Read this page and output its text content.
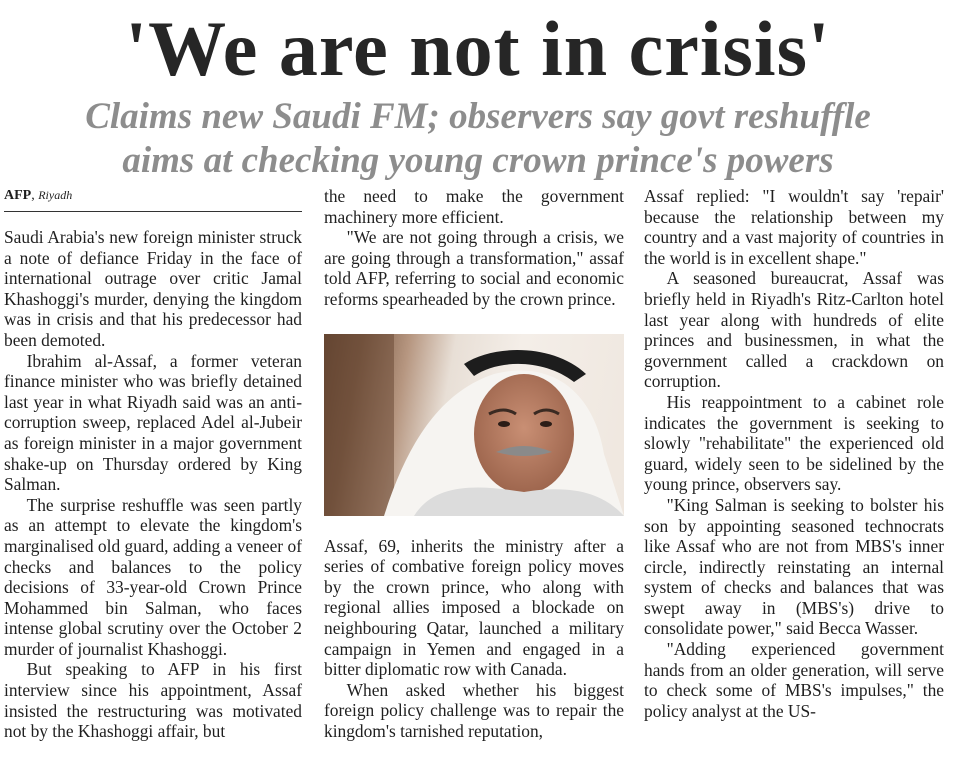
'We are not in crisis'
Claims new Saudi FM; observers say govt reshuffle
aims at checking young crown prince's powers
AFP, Riyadh

Saudi Arabia's new foreign minister struck a note of defiance Friday in the face of international outrage over critic Jamal Khashoggi's murder, denying the kingdom was in crisis and that his predecessor had been demoted.

Ibrahim al-Assaf, a former veteran finance minister who was briefly detained last year in what Riyadh said was an anti-corruption sweep, replaced Adel al-Jubeir as foreign minister in a major government shake-up on Thursday ordered by King Salman.

The surprise reshuffle was seen partly as an attempt to elevate the kingdom's marginalised old guard, adding a veneer of checks and balances to the policy decisions of 33-year-old Crown Prince Mohammed bin Salman, who faces intense global scrutiny over the October 2 murder of journalist Khashoggi.

But speaking to AFP in his first interview since his appointment, Assaf insisted the restructuring was motivated not by the Khashoggi affair, but

the need to make the government machinery more efficient.

"We are not going through a crisis, we are going through a transformation," assaf told AFP, referring to social and economic reforms spearheaded by the crown prince.

Assaf, 69, inherits the ministry after a series of combative foreign policy moves by the crown prince, who along with regional allies imposed a blockade on neighbouring Qatar, launched a military campaign in Yemen and engaged in a bitter diplomatic row with Canada.

When asked whether his biggest foreign policy challenge was to repair the kingdom's tarnished reputation,

Assaf replied: "I wouldn't say 'repair' because the relationship between my country and a vast majority of countries in the world is in excellent shape."

A seasoned bureaucrat, Assaf was briefly held in Riyadh's Ritz-Carlton hotel last year along with hundreds of elite princes and businessmen, in what the government called a crackdown on corruption.

His reappointment to a cabinet role indicates the government is seeking to slowly "rehabilitate" the experienced old guard, widely seen to be sidelined by the young prince, observers say.

"King Salman is seeking to bolster his son by appointing seasoned technocrats like Assaf who are not from MBS's inner circle, indirectly reinstating an internal system of checks and balances that was swept away in (MBS's) drive to consolidate power," said Becca Wasser.

"Adding experienced government hands from an older generation, will serve to check some of MBS's impulses," the policy analyst at the US-
